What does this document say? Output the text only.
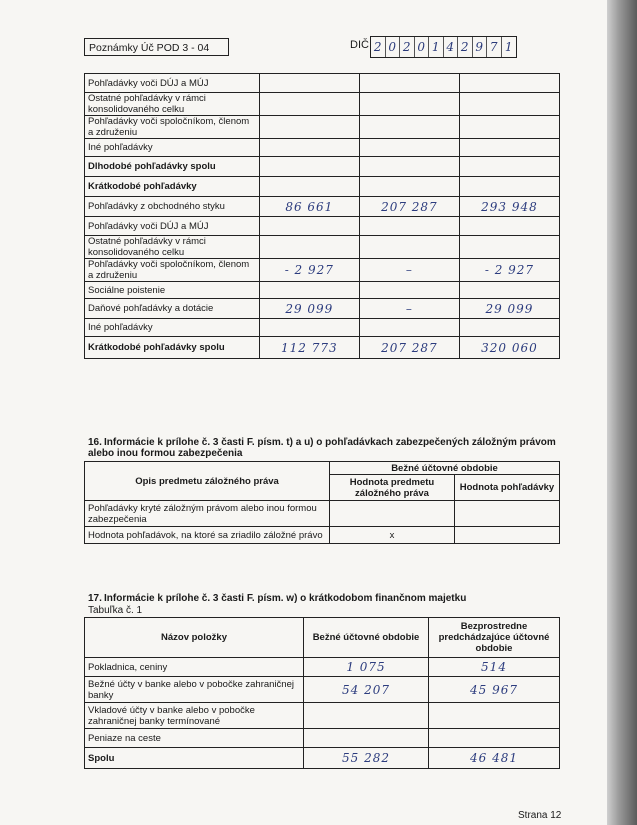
Poznámky Úč POD 3 - 04	DIČ 2 0 2 0 1 4 2 9 7 1
Pohľadávky voči DÚJ a MÚJ			
Ostatné pohľadávky v rámci konsolidovaného celku			
Pohľadávky voči spoločníkom, členom a združeniu			
Iné pohľadávky			
Dlhodobé pohľadávky spolu			
Krátkodobé pohľadávky			
Pohľadávky z obchodného styku	86 661	207 287	293 948
Pohľadávky voči DÚJ a MÚJ			
Ostatné pohľadávky v rámci konsolidovaného celku			
Pohľadávky voči spoločníkom, členom a združeniu	- 2 927	–	- 2 927
Sociálne poistenie			
Daňové pohľadávky a dotácie	29 099	–	29 099
Iné pohľadávky			
Krátkodobé pohľadávky spolu	112 773	207 287	320 060
16. Informácie k prílohe č. 3 časti F. písm. t) a u) o pohľadávkach zabezpečených záložným právom alebo inou formou zabezpečenia
Opis predmetu záložného práva	Bežné účtovné obdobie	
	Hodnota predmetu záložného práva	Hodnota pohľadávky
Pohľadávky kryté záložným právom alebo inou formou zabezpečenia		
Hodnota pohľadávok, na ktoré sa zriadilo záložné právo	x	
17. Informácie k prílohe č. 3 časti F. písm. w) o krátkodobom finančnom majetku
Tabuľka č. 1
Názov položky	Bežné účtovné obdobie	Bezprostredne predchádzajúce účtovné obdobie
Pokladnica, ceniny	1 075	514
Bežné účty v banke alebo v pobočke zahraničnej banky	54 207	45 967
Vkladové účty v banke alebo v pobočke zahraničnej banky termínované		
Peniaze na ceste		
Spolu	55 282	46 481
Strana 12
